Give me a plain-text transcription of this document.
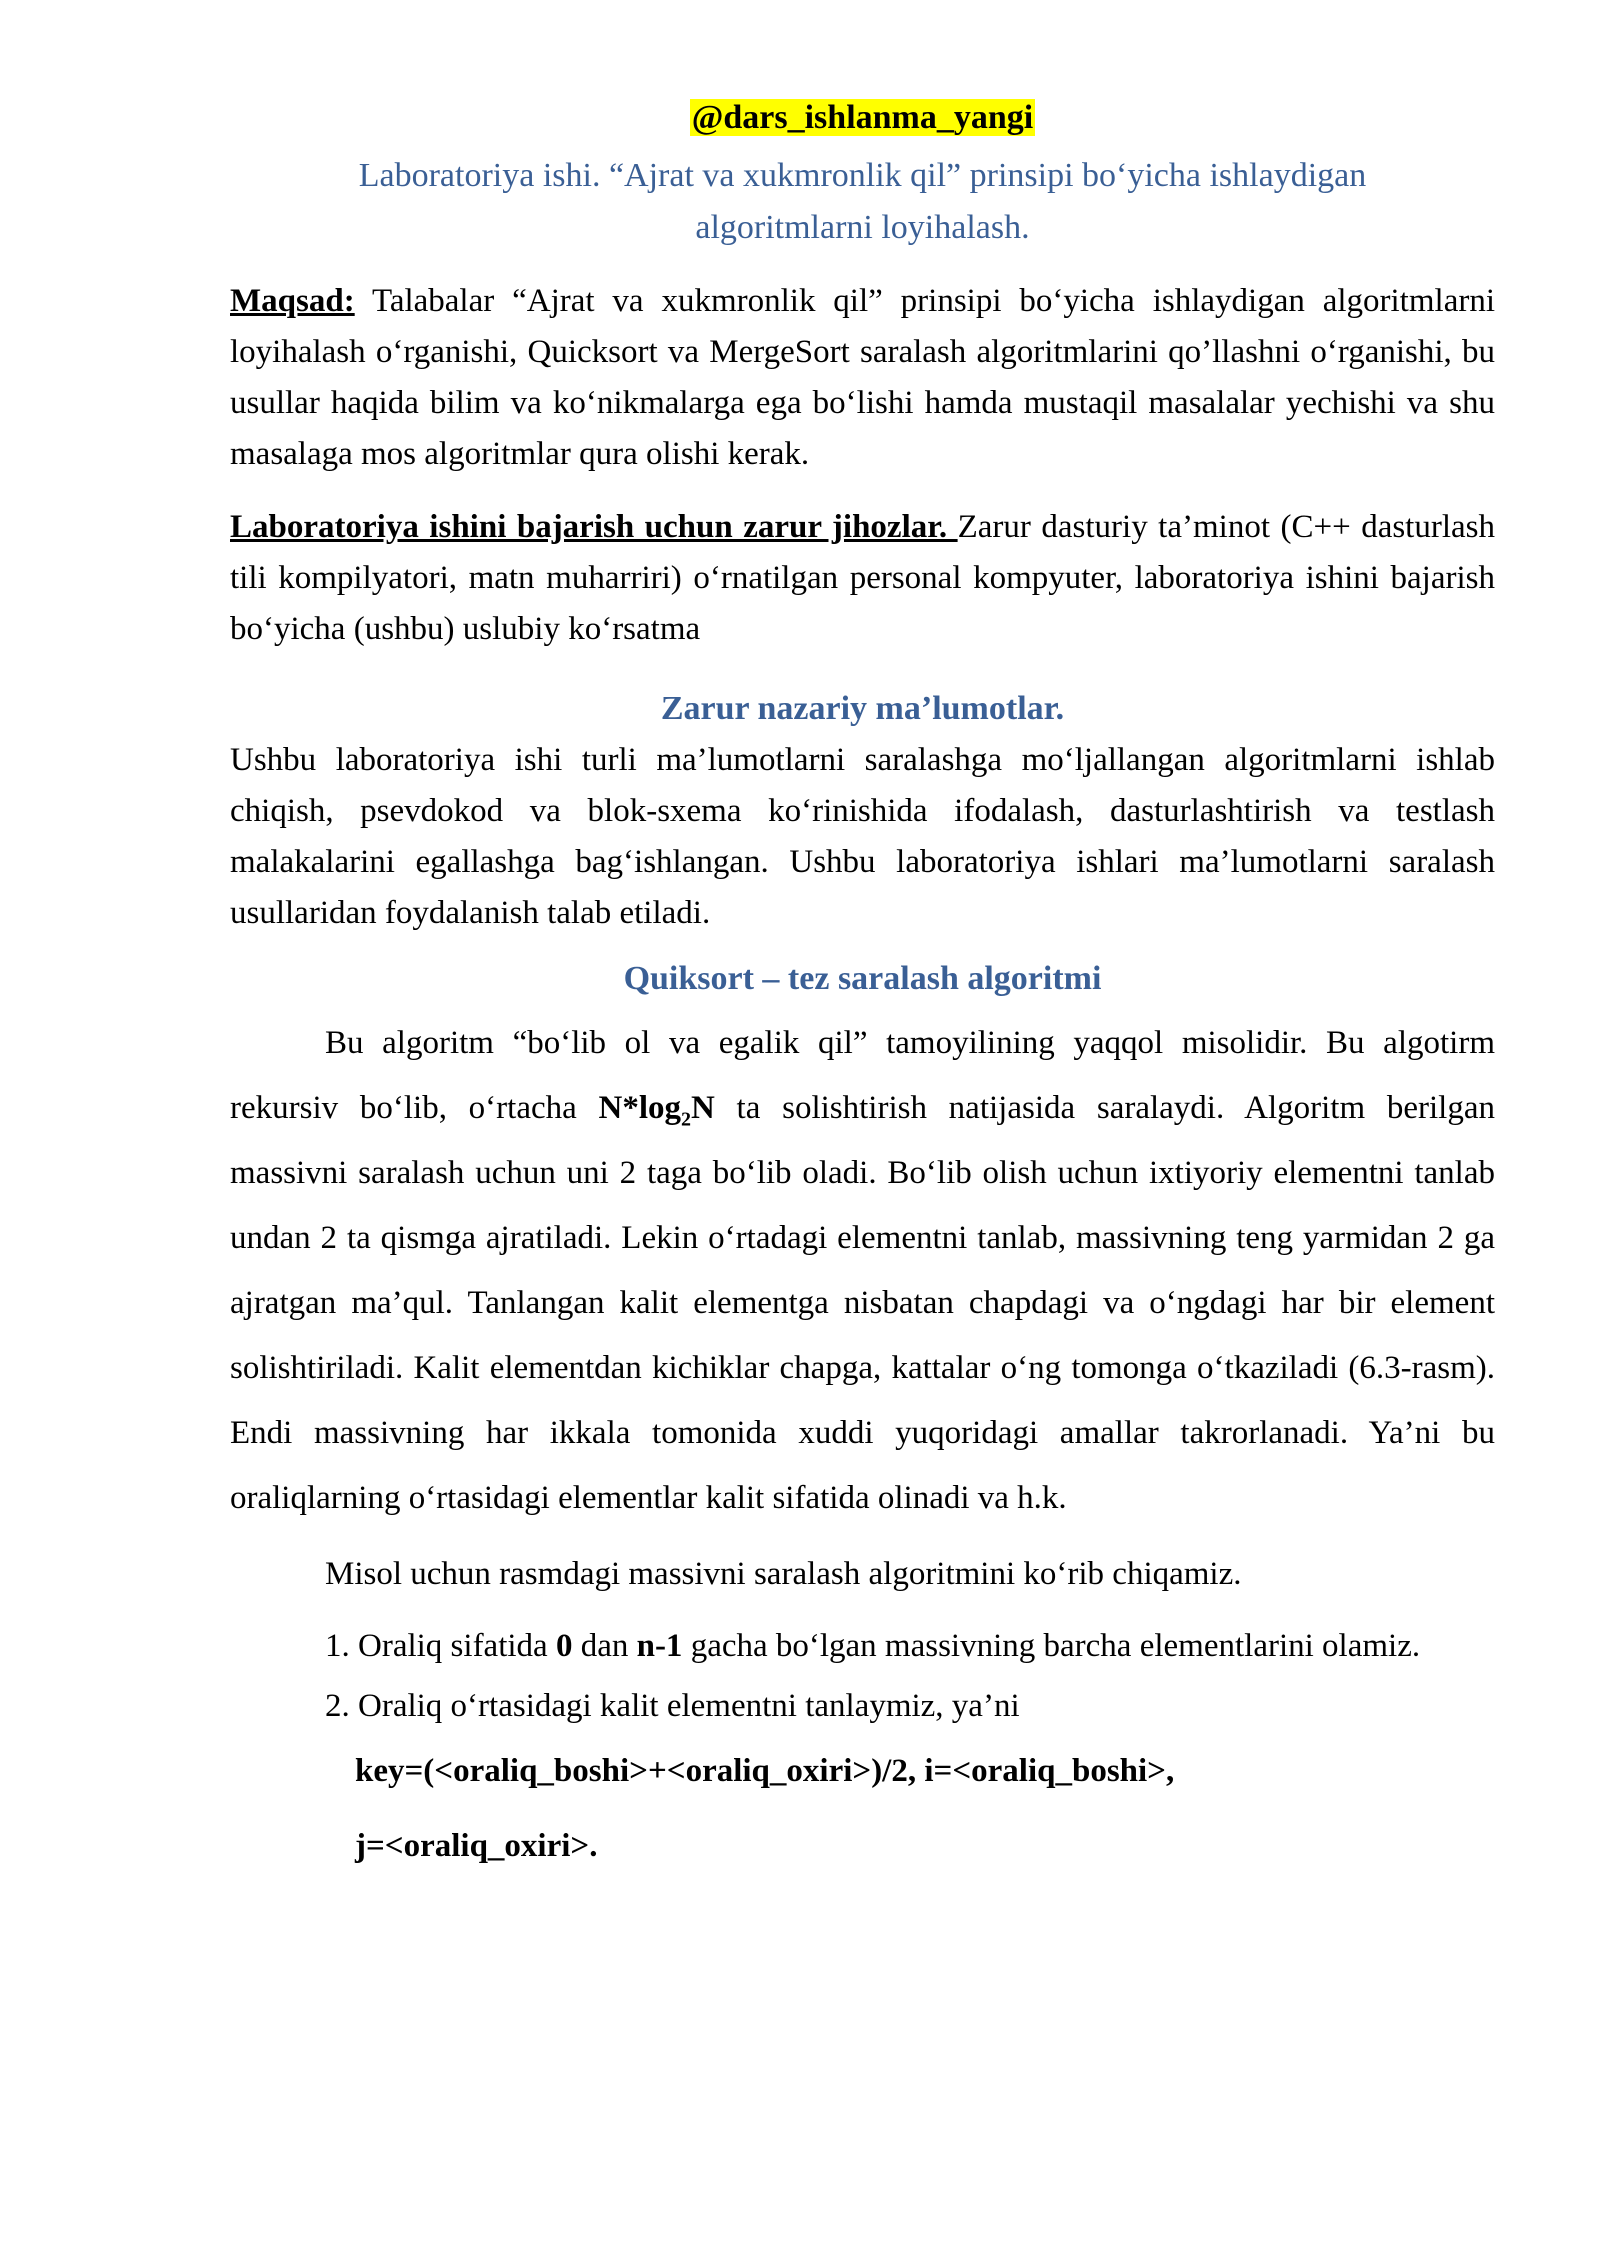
@dars_ishlanma_yangi

Laboratoriya ishi. “Ajrat va xukmronlik qil” prinsipi bo‘yicha ishlaydigan
algoritmlarni loyihalash.

Maqsad: Talabalar “Ajrat va xukmronlik qil” prinsipi bo‘yicha ishlaydigan algoritmlarni loyihalash o‘rganishi, Quicksort va MergeSort saralash algoritmlarini qo’llashni o‘rganishi, bu usullar haqida bilim va ko‘nikmalarga ega bo‘lishi hamda mustaqil masalalar yechishi va shu masalaga mos algoritmlar qura olishi kerak.

Laboratoriya ishini bajarish uchun zarur jihozlar. Zarur dasturiy ta’minot (C++ dasturlash tili kompilyatori, matn muharriri) o‘rnatilgan personal kompyuter, laboratoriya ishini bajarish bo‘yicha (ushbu) uslubiy ko‘rsatma

Zarur nazariy ma’lumotlar.

Ushbu laboratoriya ishi turli ma’lumotlarni saralashga mo‘ljallangan algoritmlarni ishlab chiqish, psevdokod va blok-sxema ko‘rinishida ifodalash, dasturlashtirish va testlash malakalarini egallashga bag‘ishlangan. Ushbu laboratoriya ishlari ma’lumotlarni saralash usullaridan foydalanish talab etiladi.

Quiksort – tez saralash algoritmi

Bu algoritm “bo‘lib ol va egalik qil” tamoyilining yaqqol misolidir. Bu algotirm rekursiv bo‘lib, o‘rtacha $N*\log_2N$ ta solishtirish natijasida saralaydi. Algoritm berilgan massivni saralash uchun uni 2 taga bo‘lib oladi. Bo‘lib olish uchun ixtiyoriy elementni tanlab undan 2 ta qismga ajratiladi. Lekin o‘rtadagi elementni tanlab, massivning teng yarmidan 2 ga ajratgan ma’qul. Tanlangan kalit elementga nisbatan chapdagi va o‘ngdagi har bir element solishtiriladi. Kalit elementdan kichiklar chapga, kattalar o‘ng tomonga o‘tkaziladi (6.3-rasm). Endi massivning har ikkala tomonida xuddi yuqoridagi amallar takrorlanadi. Ya’ni bu oraliqlarning o‘rtasidagi elementlar kalit sifatida olinadi va h.k.

Misol uchun rasmdagi massivni saralash algoritmini ko‘rib chiqamiz.

1. Oraliq sifatida 0 dan n-1 gacha bo‘lgan massivning barcha elementlarini olamiz.

2. Oraliq o‘rtasidagi kalit elementni tanlaymiz, ya’ni

key=(<oraliq_boshi>+<oraliq_oxiri>)/2, i=<oraliq_boshi>,

j=<oraliq_oxiri>.
